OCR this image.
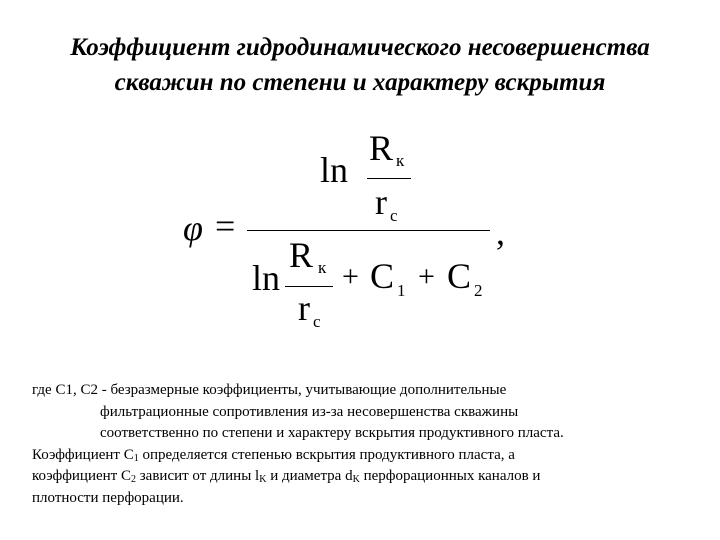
Коэффициент гидродинамического несовершенства
скважин по степени и характеру вскрытия
ln
R к
r с
φ =	,
ln
R к
r с
+ C 1 + C 2
где С1, С2 - безразмерные коэффициенты, учитывающие дополнительные
фильтрационные сопротивления из-за несовершенства скважины
соответственно по степени и характеру вскрытия продуктивного пласта.
Коэффициент $С_1$ определяется степенью вскрытия продуктивного пласта, а
коэффициент $С_2$ зависит от длины $l_K$ и диаметра $d_K$ перфорационных каналов и
плотности перфорации.
